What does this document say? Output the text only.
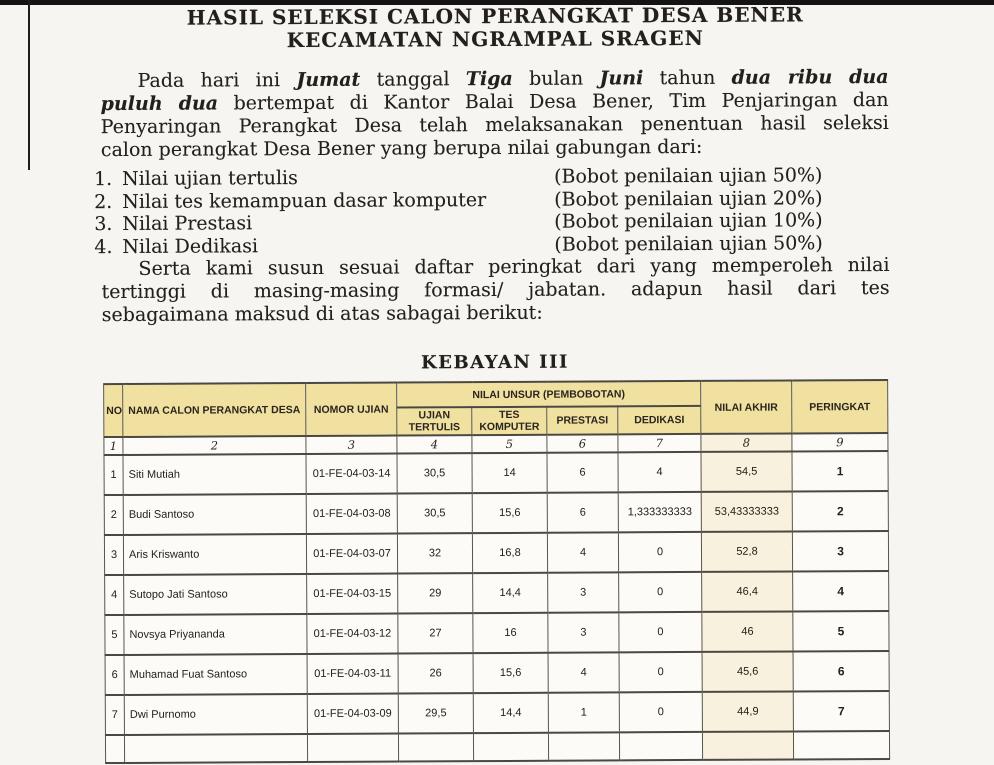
HASIL SELEKSI CALON PERANGKAT DESA BENER
KECAMATAN NGRAMPAL SRAGEN
Pada hari ini Jumat tanggal Tiga bulan Juni tahun dua ribu dua
puluh dua bertempat di Kantor Balai Desa Bener, Tim Penjaringan dan
Penyaringan Perangkat Desa telah melaksanakan penentuan hasil seleksi
calon perangkat Desa Bener yang berupa nilai gabungan dari:
1. Nilai ujian tertulis	(Bobot penilaian ujian 50%)
2. Nilai tes kemampuan dasar komputer	(Bobot penilaian ujian 20%)
3. Nilai Prestasi	(Bobot penilaian ujian 10%)
4. Nilai Dedikasi	(Bobot penilaian ujian 50%)
Serta kami susun sesuai daftar peringkat dari yang memperoleh nilai
tertinggi di masing-masing formasi/ jabatan. adapun hasil dari tes
sebagaimana maksud di atas sabagai berikut:
KEBAYAN III
NO	NAMA CALON PERANGKAT DESA	NOMOR UJIAN	NILAI UNSUR (PEMBOBOTAN)				NILAI AKHIR	PERINGKAT
			UJIAN TERTULIS	TES KOMPUTER	PRESTASI	DEDIKASI		
1	2	3	4	5	6	7	8	9
1	Siti Mutiah	01-FE-04-03-14	30,5	14	6	4	54,5	1
2	Budi Santoso	01-FE-04-03-08	30,5	15,6	6	1,333333333	53,43333333	2
3	Aris Kriswanto	01-FE-04-03-07	32	16,8	4	0	52,8	3
4	Sutopo Jati Santoso	01-FE-04-03-15	29	14,4	3	0	46,4	4
5	Novsya Priyananda	01-FE-04-03-12	27	16	3	0	46	5
6	Muhamad Fuat Santoso	01-FE-04-03-11	26	15,6	4	0	45,6	6
7	Dwi Purnomo	01-FE-04-03-09	29,5	14,4	1	0	44,9	7
